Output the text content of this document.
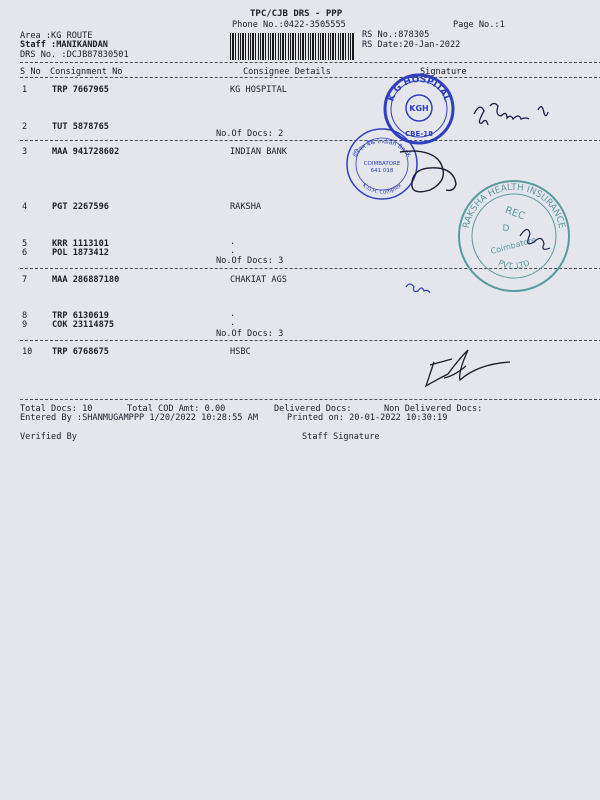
TPC/CJB DRS - PPP
Phone No.:0422-3505555	Page No.:1
Area :KG ROUTE
Staff :MANIKANDAN
DRS No. :DCJB87830501
RS No.:878305
RS Date:20-Jan-2022
S No Consignment No	Consignee Details	Signature
1	TRP 7667965	KG HOSPITAL
2	TUT 5878765
No.Of Docs: 2
3	MAA 941728602	INDIAN BANK
4	PGT 2267596	RAKSHA
5	KRR 1113101	.
6	POL 1873412	.
No.Of Docs: 3
7	MAA 286887180	CHAKIAT AGS
8	TRP 6130619	.
9	COK 23114875	.
No.Of Docs: 3
10 TRP 6768675	HSBC
Total Docs: 10	Total COD Amt: 0.00	Delivered Docs:	Non Delivered Docs:
Entered By :SHANMUGAMPPP 1/20/2022 10:28:55 AM	Printed on: 20-01-2022 10:30:19
Verified By	Staff Signature
K G HOSPITAL
KGH
CBE-18
इंडियन बैंक Indian Bank
COIMBATORE
641 018
K.G.H. Complex
RAKSHA HEALTH INSURANCE
PVT. LTD
REC
D
Coimbatore
